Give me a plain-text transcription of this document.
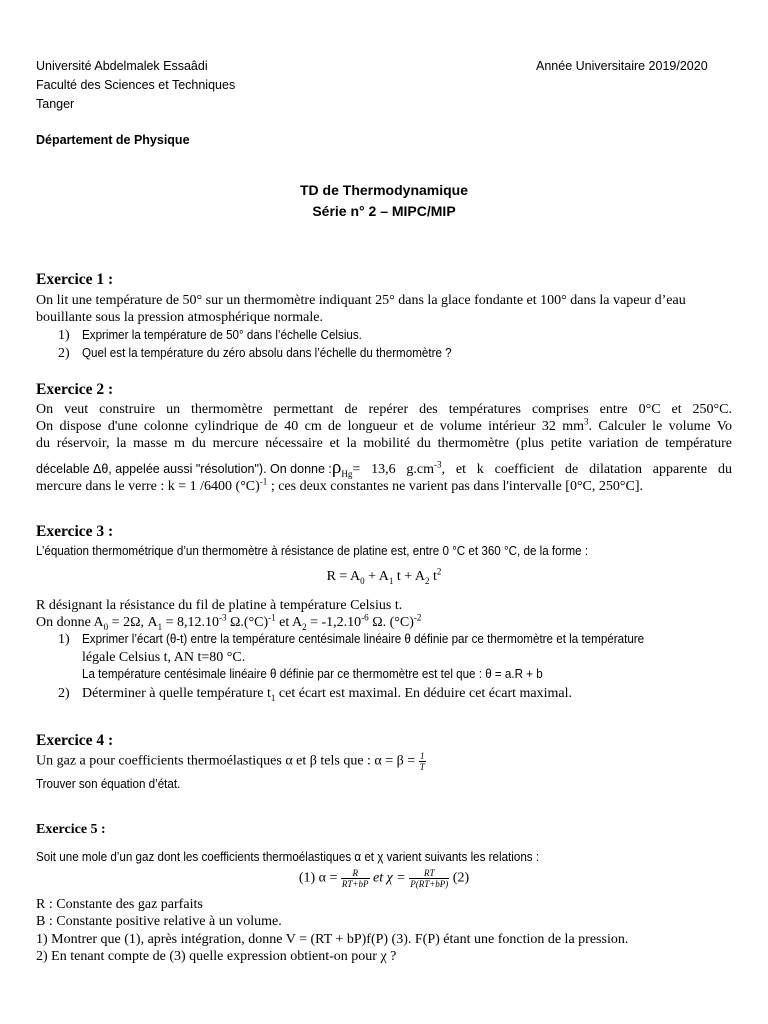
Université Abdelmalek Essaâdi
Faculté des Sciences et Techniques
Tanger
Année Universitaire 2019/2020
Département de Physique
TD de Thermodynamique
Série n° 2 – MIPC/MIP
Exercice 1 :
On lit une température de 50° sur un thermomètre indiquant 25° dans la glace fondante et 100° dans la vapeur d’eau
bouillante sous la pression atmosphérique normale.
1) Exprimer la température de 50° dans l’échelle Celsius.
2) Quel est la température du zéro absolu dans l’échelle du thermomètre ?
Exercice 2 :
On veut construire un thermomètre permettant de repérer des températures comprises entre 0°C et 250°C.
On dispose d'une colonne cylindrique de 40 cm de longueur et de volume intérieur 32 $mm^3$. Calculer le volume Vo
du réservoir, la masse m du mercure nécessaire et la mobilité du thermomètre (plus petite variation de température
décelable Δθ, appelée aussi "résolution"). On donne $:\rho_{Hg}= 13,6$ $g.cm^{-3}$, et k coefficient de dilatation apparente du
mercure dans le verre : k = 1 /6400 $(^\circ C)^{-1}$ ; ces deux constantes ne varient pas dans l'intervalle [0°C, 250°C].
Exercice 3 :
L’équation thermométrique d’un thermomètre à résistance de platine est, entre 0 °C et 360 °C, de la forme :
$R = A_0 + A_1$ $t + A_2$ $t^2$
R désignant la résistance du fil de platine à température Celsius t.
On donne $A_0 = 2\Omega$, $A_1 = 8,12.10^{-3}$ $\Omega.(^\circ C)^{-1}$ et $A_2 = -1,2.10^{-6}$ Ω. $(^\circ C)^{-2}$
1) Exprimer l’écart (θ-t) entre la température centésimale linéaire θ définie par ce thermomètre et la température
légale Celsius t, AN t=80 °C.
La température centésimale linéaire θ définie par ce thermomètre est tel que : θ = a.R + b
2) Déterminer à quelle température $t_1$ cet écart est maximal. En déduire cet écart maximal.
Exercice 4 :
Un gaz a pour coefficients thermoélastiques α et β tels que : $\alpha = \beta = \frac{1}{T}$
Trouver son équation d’état.
Exercice 5 :
Soit une mole d’un gaz dont les coefficients thermoélastiques α et χ varient suivants les relations :
(1) $\alpha = \frac{R}{RT+bP}$ et $\chi = \frac{RT}{P(RT+bP)} (2)$
R : Constante des gaz parfaits
B : Constante positive relative à un volume.
1) Montrer que (1), après intégration, donne V = (RT + bP)f(P) (3). F(P) étant une fonction de la pression.
2) En tenant compte de (3) quelle expression obtient-on pour χ ?
